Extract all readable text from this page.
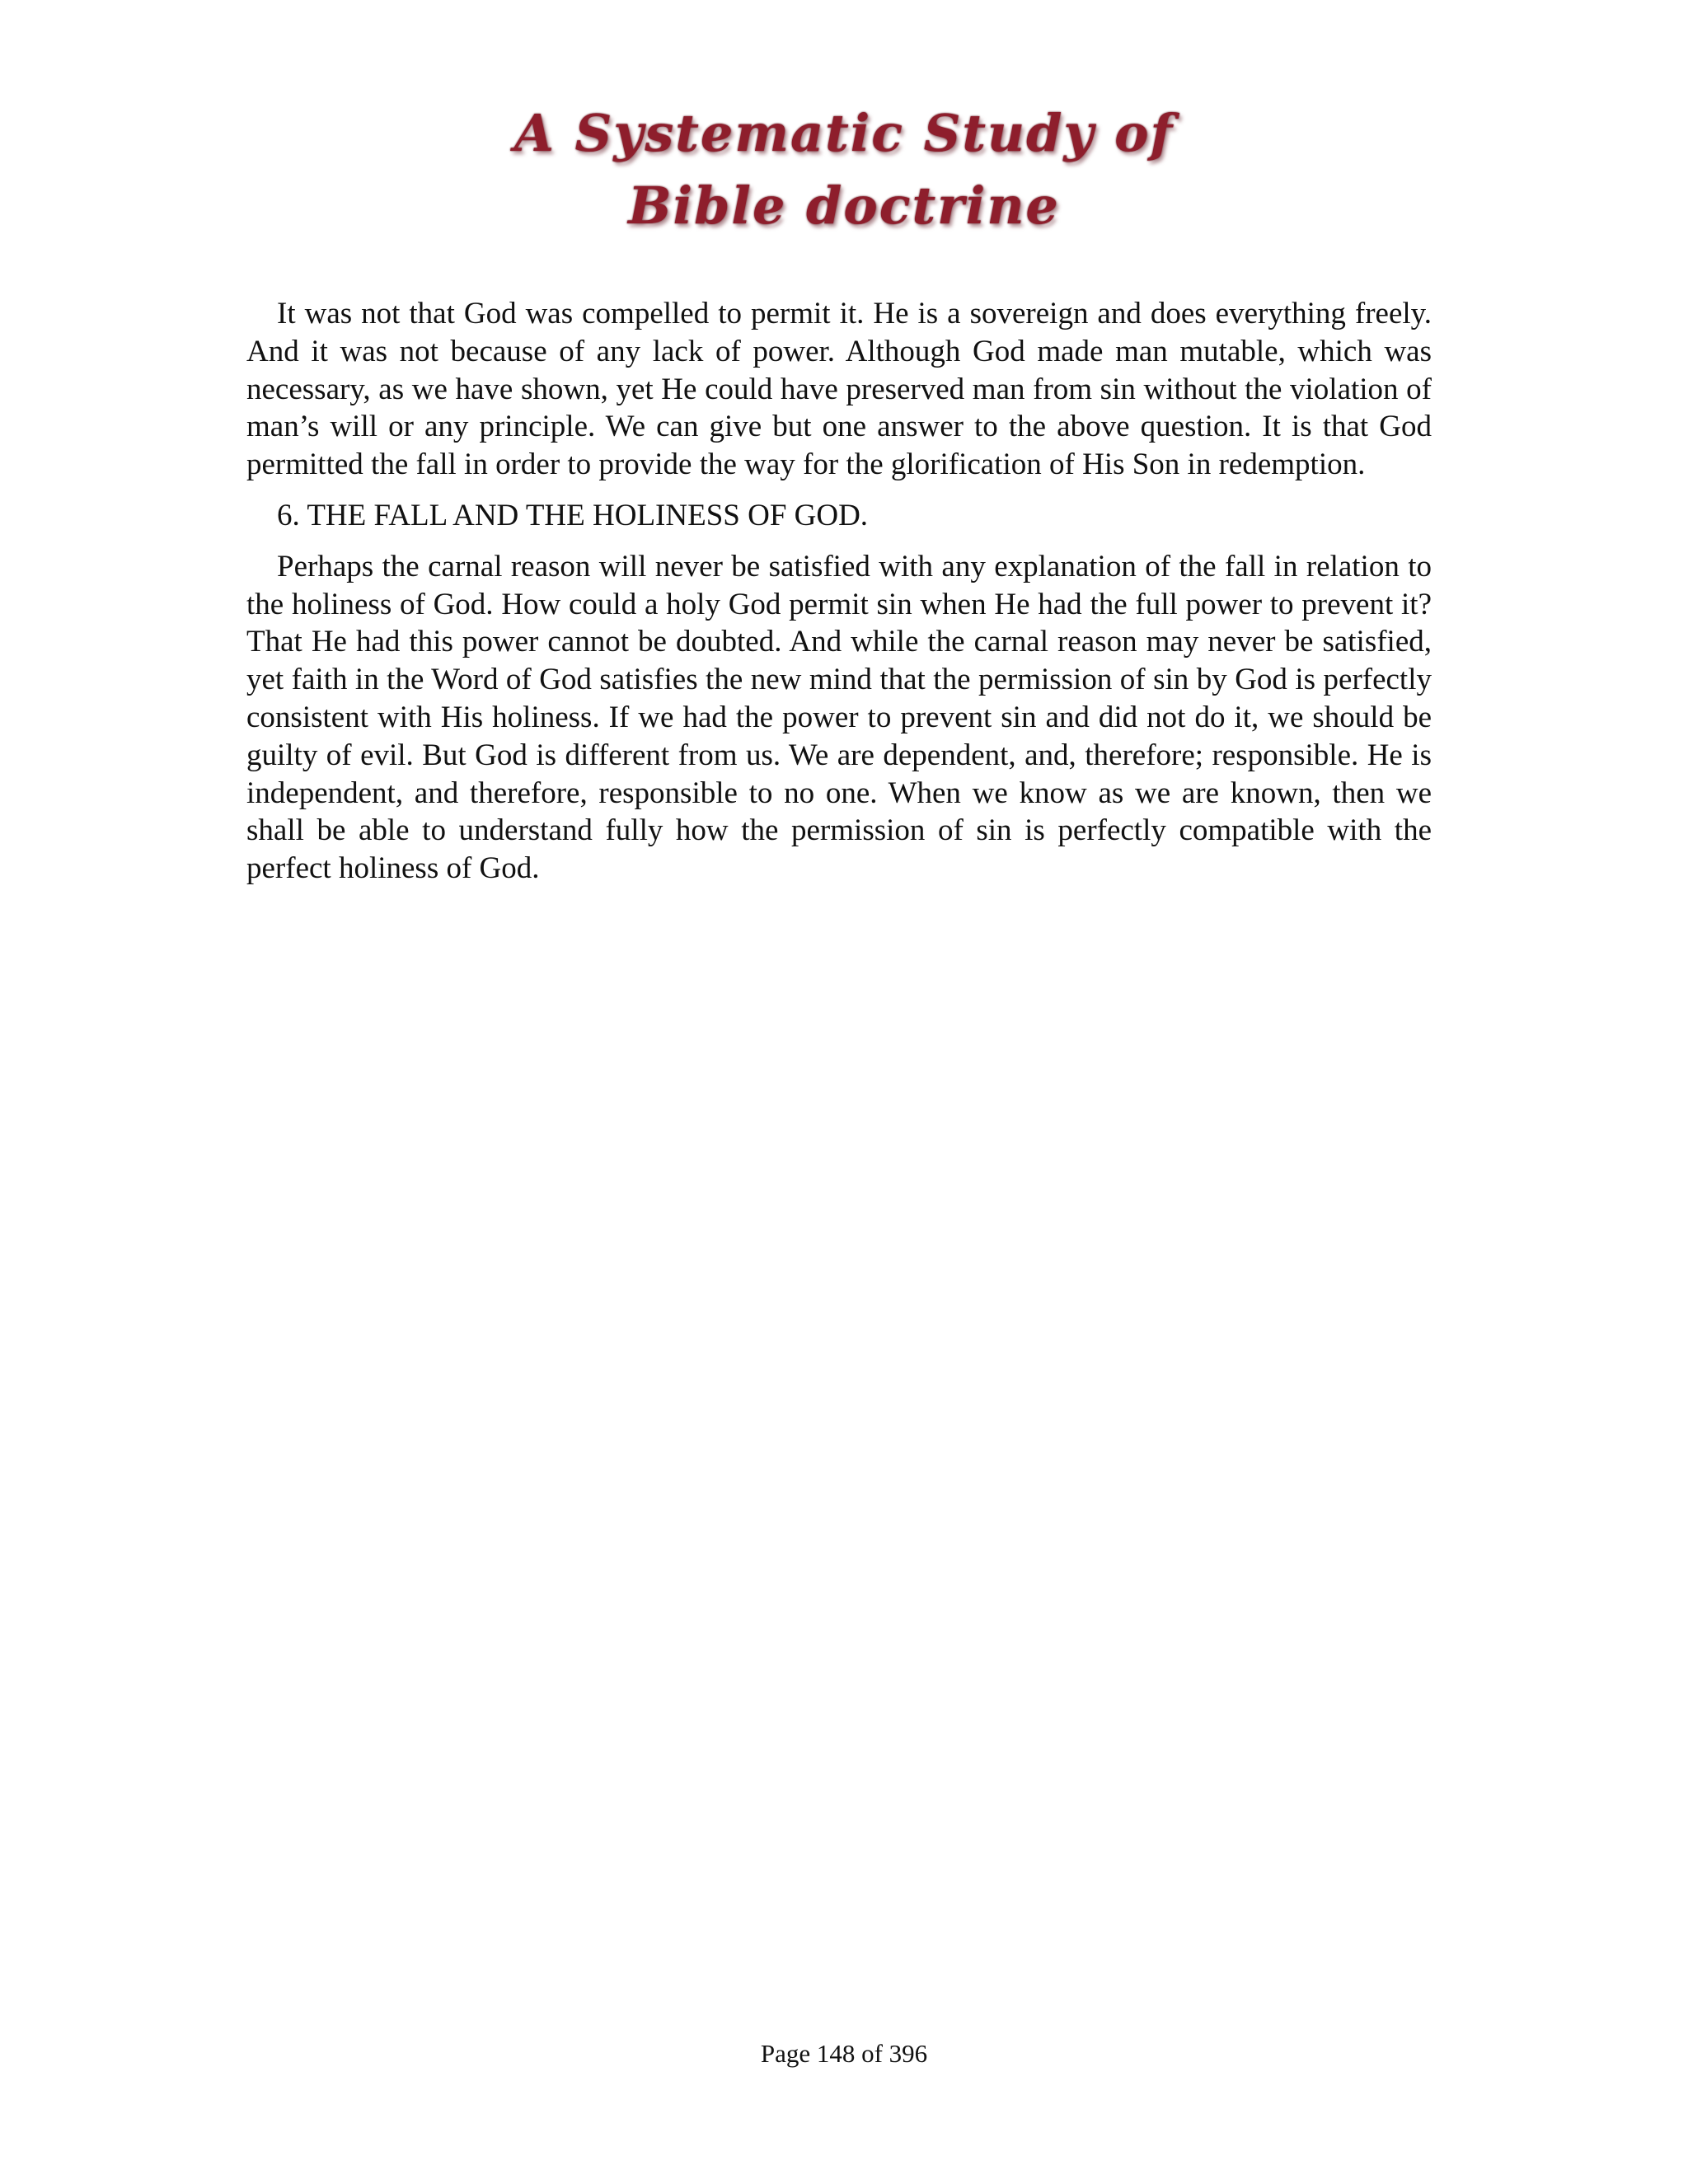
A Systematic Study of
Bible doctrine

It was not that God was compelled to permit it. He is a sovereign and does everything freely. And it was not because of any lack of power. Although God made man mutable, which was necessary, as we have shown, yet He could have preserved man from sin without the violation of man’s will or any principle. We can give but one answer to the above question. It is that God permitted the fall in order to provide the way for the glorification of His Son in redemption.

6. THE FALL AND THE HOLINESS OF GOD.

Perhaps the carnal reason will never be satisfied with any explanation of the fall in relation to the holiness of God. How could a holy God permit sin when He had the full power to prevent it? That He had this power cannot be doubted. And while the carnal reason may never be satisfied, yet faith in the Word of God satisfies the new mind that the permission of sin by God is perfectly consistent with His holiness. If we had the power to prevent sin and did not do it, we should be guilty of evil. But God is different from us. We are dependent, and, therefore; responsible. He is independent, and therefore, responsible to no one. When we know as we are known, then we shall be able to understand fully how the permission of sin is perfectly compatible with the perfect holiness of God.

Page 148 of 396
